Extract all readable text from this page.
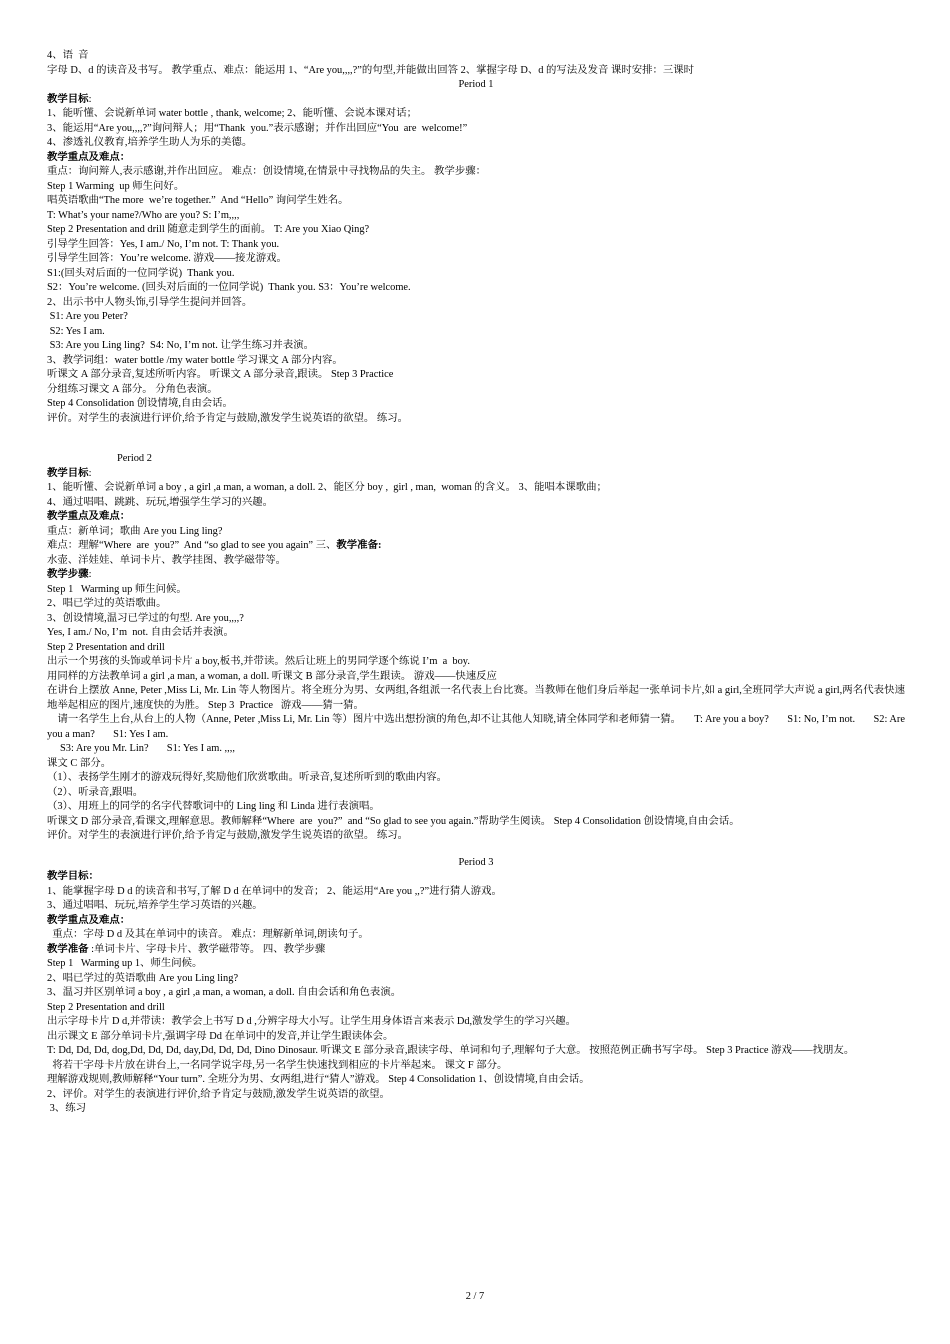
4、语  音
字母 D、d 的读音及书写。 教学重点、难点：能运用 1、“Are you,,,,?”的句型,并能做出回答 2、掌握字母 D、d 的写法及发音 课时安排：三课时
Period 1
教学目标:
1、能听懂、会说新单词 water bottle , thank, welcome; 2、能听懂、会说本课对话；
3、能运用“Are you,,,,?”询问辩人；用“Thank  you.”表示感谢；并作出回应“You  are  welcome!”
4、渗透礼仪教育,培养学生助人为乐的美德。
教学重点及难点：
重点：询问辩人,表示感谢,并作出回应。 难点：创设情境,在情景中寻找物品的失主。 教学步骤：
Step 1 Warming  up 师生问好。
唱英语歌曲“The more  we’re together.”  And “Hello” 询问学生姓名。
T: What’s your name?/Who are you? S: I’m,,,,
Step 2 Presentation and drill 随意走到学生的面前。 T: Are you Xiao Qing?
引导学生回答：Yes, I am./ No, I’m not. T: Thank you.
引导学生回答：You’re welcome. 游戏——接龙游戏。
S1:(回头对后面的一位同学说)  Thank you.
S2：You’re welcome. (回头对后面的一位同学说)  Thank you. S3：You’re welcome.
2、出示书中人物头饰,引导学生提问并回答。
S1: Are you Peter?
S2: Yes I am.
S3: Are you Ling ling?  S4: No, I’m not. 让学生练习并表演。
3、教学词组：water bottle /my water bottle 学习课文 A 部分内容。
听课文 A 部分录音,复述所听内容。 听课文 A 部分录音,跟读。 Step 3 Practice
分组练习课文 A 部分。 分角色表演。
Step 4 Consolidation 创设情境,自由会话。
评价。对学生的表演进行评价,给予肯定与鼓励,激发学生说英语的欲望。 练习。
Period 2
教学目标:
1、能听懂、会说新单词 a boy , a girl ,a man, a woman, a doll. 2、能区分 boy ,  girl , man,  woman 的含义。 3、能唱本课歌曲；
4、通过唱唱、跳跳、玩玩,增强学生学习的兴趣。
教学重点及难点：
重点：新单词；歌曲 Are you Ling ling?
难点：理解“Where  are  you?”  And “so glad to see you again” 三、教学准备:
水壶、洋娃娃、单词卡片、教学挂图、教学磁带等。
教学步骤:
Step 1   Warming up 师生问候。
2、唱已学过的英语歌曲。
3、创设情境,温习已学过的句型. Are you,,,,?
Yes, I am./ No, I’m  not. 自由会话并表演。
Step 2 Presentation and drill
出示一个男孩的头饰或单词卡片 a boy,板书,并带读。然后让班上的男同学逐个练说 I’m  a  boy.
用同样的方法教单词 a girl ,a man, a woman, a doll. 听课文 B 部分录音,学生跟读。 游戏——快速反应
在讲台上摆放 Anne, Peter ,Miss Li, Mr. Lin 等人物图片。将全班分为男、女两组,各组派一名代表上台比赛。当教师在他们身后举起一张单词卡片,如 a girl,全班同学大声说 a girl,两名代表快速地举起相应的图片,速度快的为胜。 Step 3  Practice   游戏——猜一猜。
请一名学生上台,从台上的人物（Anne, Peter ,Miss Li, Mr. Lin 等）图片中选出想扮演的角色,却不让其他人知晓,请全体同学和老师猜一猜。     T: Are you a boy?       S1: No, I’m not.       S2: Are you a man?       S1: Yes I am.
S3: Are you Mr. Lin?       S1: Yes I am. ,,,,
课文 C 部分。
（1）、表扬学生刚才的游戏玩得好,奖励他们欣赏歌曲。听录音,复述所听到的歌曲内容。
（2）、听录音,跟唱。
（3）、用班上的同学的名字代替歌词中的 Ling ling 和 Linda 进行表演唱。
听课文 D 部分录音,看课文,理解意思。教师解释“Where  are  you?”  and “So glad to see you again.”帮助学生阅读。 Step 4 Consolidation 创设情境,自由会话。
评价。对学生的表演进行评价,给予肯定与鼓励,激发学生说英语的欲望。 练习。
Period 3
教学目标：
1、能掌握字母 D d 的读音和书写,了解 D d 在单词中的发音； 2、能运用“Are you ,,?”进行猜人游戏。
3、通过唱唱、玩玩,培养学生学习英语的兴趣。
教学重点及难点：
重点：字母 D d 及其在单词中的读音。 难点：理解新单词,朗读句子。
教学准备 :单词卡片、字母卡片、教学磁带等。 四、教学步骤
Step 1   Warming up 1、师生问候。
2、唱已学过的英语歌曲 Are you Ling ling?
3、温习并区别单词 a boy , a girl ,a man, a woman, a doll. 自由会话和角色表演。
Step 2 Presentation and drill
出示字母卡片 D d,并带读：教学会上书写 D d ,分辨字母大小写。让学生用身体语言来表示 Dd,激发学生的学习兴趣。
出示课文 E 部分单词卡片,强调字母 Dd 在单词中的发音,并让学生跟读体会。
T: Dd, Dd, Dd, dog,Dd, Dd, Dd, day,Dd, Dd, Dd, Dino Dinosaur. 听课文 E 部分录音,跟读字母、单词和句子,理解句子大意。 按照范例正确书写字母。 Step 3 Practice 游戏——找朋友。
将若干字母卡片放在讲台上,一名同学说字母,另一名学生快速找到相应的卡片举起来。 课文 F 部分。
理解游戏规则,教师解释“Your turn”. 全班分为男、女两组,进行“猜人”游戏。 Step 4 Consolidation 1、创设情境,自由会话。
2、评价。对学生的表演进行评价,给予肯定与鼓励,激发学生说英语的欲望。
3、练习
2 / 7
